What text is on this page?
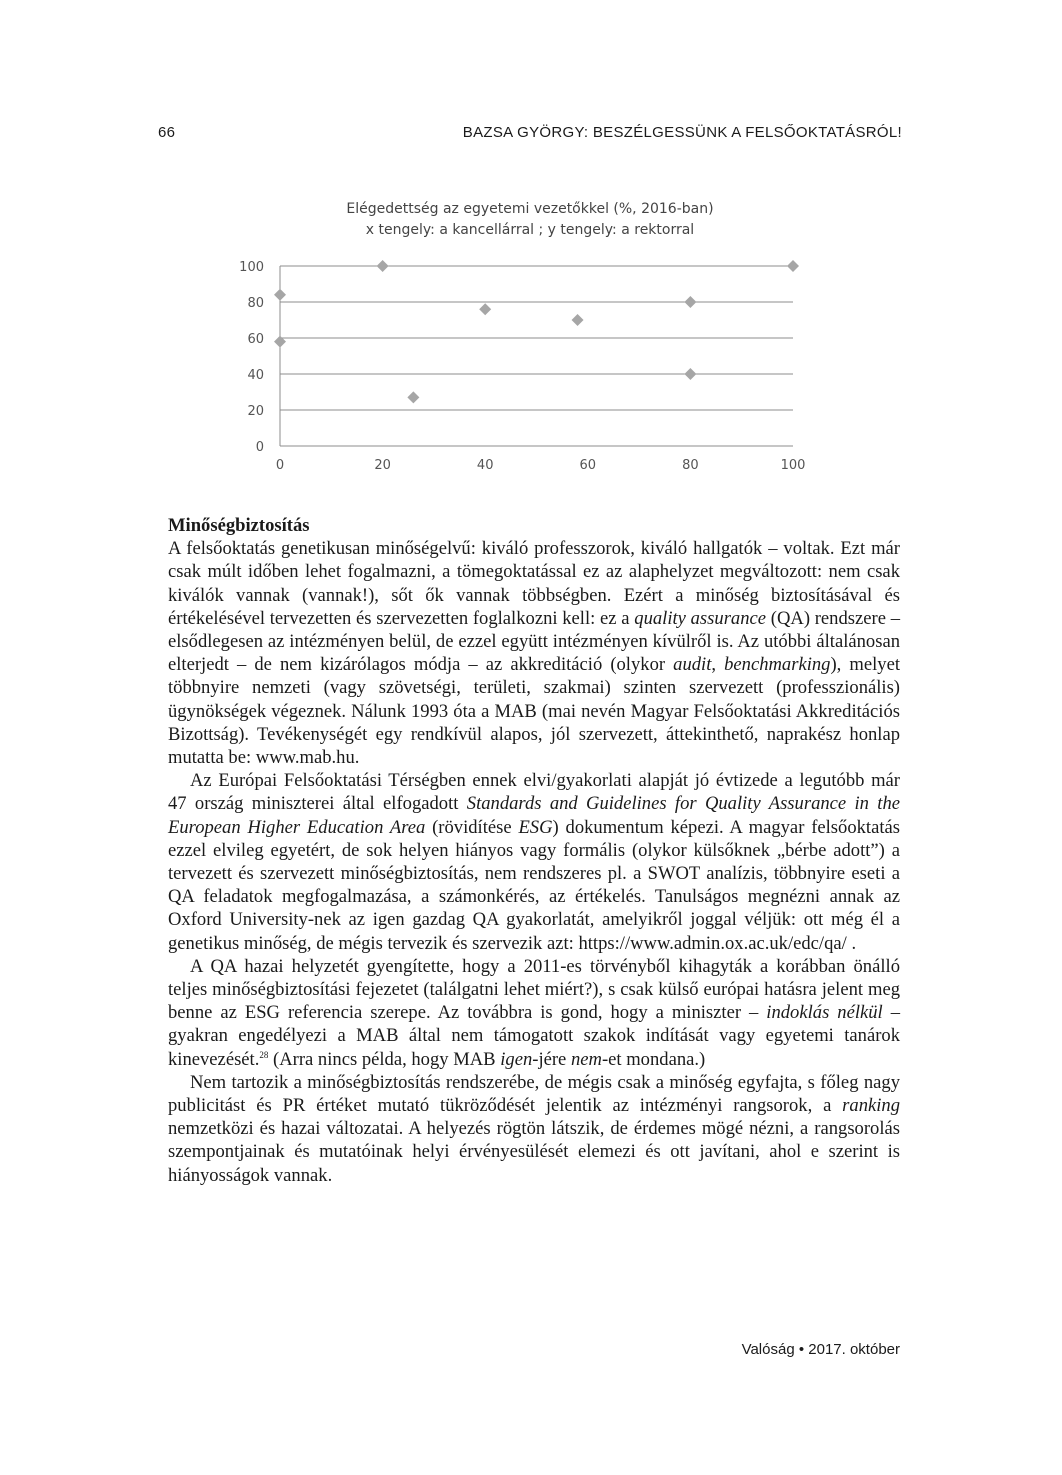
66	BAZSA GYÖRGY: BESZÉLGESSÜNK A FELSŐOKTATÁSRÓL!
Elégedettség az egyetemi vezetőkkel (%, 2016-ban)
x tengely: a kancellárral ; y tengely: a rektorral
0
20
40
60
80
100
0	20	40	60	80	100
Minőségbiztosítás

A felsőoktatás genetikusan minőségelvű: kiváló professzorok, kiváló hallgatók – voltak. Ezt már csak múlt időben lehet fogalmazni, a tömegoktatással ez az alaphelyzet megváltozott: nem csak kiválók vannak (vannak!), sőt ők vannak többségben. Ezért a minőség biztosításával és értékelésével tervezetten és szervezetten foglalkozni kell: ez a quality assurance (QA) rendszere – elsődlegesen az intézményen belül, de ezzel együtt intézményen kívülről is. Az utóbbi általánosan elterjedt – de nem kizárólagos módja – az akkreditáció (olykor audit, benchmarking), melyet többnyire nemzeti (vagy szövetségi, területi, szakmai) szinten szervezett (professzionális) ügynökségek végeznek. Nálunk 1993 óta a MAB (mai nevén Magyar Felsőoktatási Akkreditációs Bizottság). Tevékenységét egy rendkívül alapos, jól szervezett, áttekinthető, naprakész honlap mutatta be: www.mab.hu.

Az Európai Felsőoktatási Térségben ennek elvi/gyakorlati alapját jó évtizede a legutóbb már 47 ország miniszterei által elfogadott Standards and Guidelines for Quality Assurance in the European Higher Education Area (rövidítése ESG) dokumentum képezi. A magyar felsőoktatás ezzel elvileg egyetért, de sok helyen hiányos vagy formális (olykor külsőknek „bérbe adott”) a tervezett és szervezett minőségbiztosítás, nem rendszeres pl. a SWOT analízis, többnyire eseti a QA feladatok megfogalmazása, a számonkérés, az értékelés. Tanulságos megnézni annak az Oxford University-nek az igen gazdag QA gyakorlatát, amelyikről joggal véljük: ott még él a genetikus minőség, de mégis tervezik és szervezik azt: https://www.admin.ox.ac.uk/edc/qa/ .

A QA hazai helyzetét gyengítette, hogy a 2011-es törvényből kihagyták a korábban önálló teljes minőségbiztosítási fejezetet (találgatni lehet miért?), s csak külső európai hatásra jelent meg benne az ESG referencia szerepe. Az továbbra is gond, hogy a miniszter – indoklás nélkül – gyakran engedélyezi a MAB által nem támogatott szakok indítását vagy egyetemi tanárok kinevezését.$^{28}$ (Arra nincs példa, hogy MAB igen-jére nem-et mondana.)

Nem tartozik a minőségbiztosítás rendszerébe, de mégis csak a minőség egyfajta, s főleg nagy publicitást és PR értéket mutató tükröződését jelentik az intézményi rangsorok, a ranking nemzetközi és hazai változatai. A helyezés rögtön látszik, de érdemes mögé nézni, a rangsorolás szempontjainak és mutatóinak helyi érvényesülését elemezi és ott javítani, ahol e szerint is hiányosságok vannak.

Valóság • 2017. október
